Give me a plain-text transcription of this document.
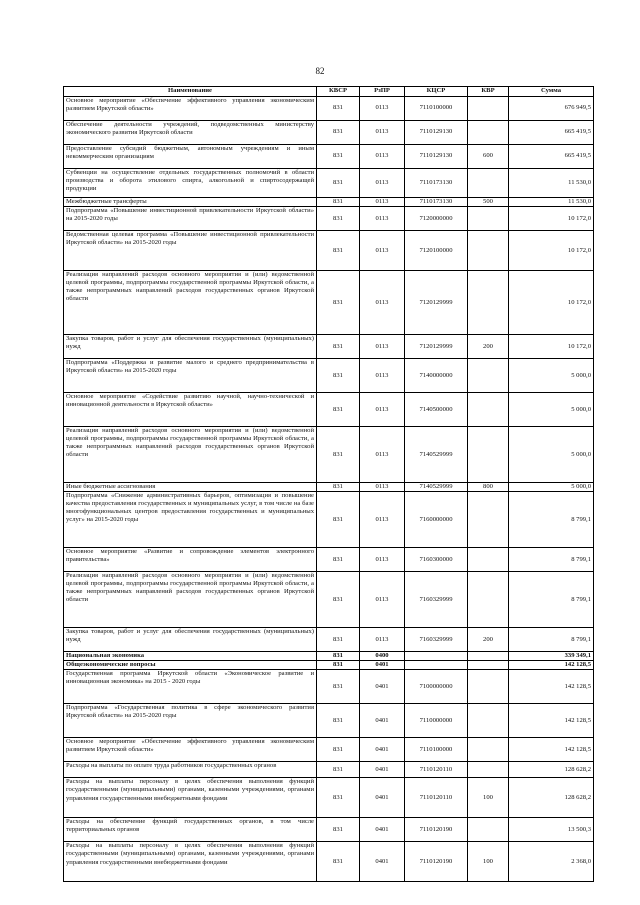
82
Наименование	КВСР	РзПР	КЦСР	КВР	Сумма
Основное мероприятие «Обеспечение эффективного управления экономическим развитием Иркутской области»	831	0113	7110100000		676 949,5
Обеспечение деятельности учреждений, подведомственных министерству экономического развития Иркутской области	831	0113	7110129130		665 419,5
Предоставление субсидий бюджетным, автономным учреждениям и иным некоммерческим организациям	831	0113	7110129130	600	665 419,5
Субвенции на осуществление отдельных государственных полномочий в области производства и оборота этилового спирта, алкогольной и спиртосодержащей продукции	831	0113	7110173130		11 530,0
Межбюджетные трансферты	831	0113	7110173130	500	11 530,0
Подпрограмма «Повышение инвестиционной привлекательности Иркутской области» на 2015-2020 годы	831	0113	7120000000		10 172,0
Ведомственная целевая программа «Повышение инвестиционной привлекательности Иркутской области» на 2015-2020 годы	831	0113	7120100000		10 172,0
Реализация направлений расходов основного мероприятия и (или) ведомственной целевой программы, подпрограммы государственной программы Иркутской области, а также непрограммных направлений расходов государственных органов Иркутской области	831	0113	7120129999		10 172,0
Закупка товаров, работ и услуг для обеспечения государственных (муниципальных) нужд	831	0113	7120129999	200	10 172,0
Подпрограмма «Поддержка и развитие малого и среднего предпринимательства в Иркутской области» на 2015-2020 годы	831	0113	7140000000		5 000,0
Основное мероприятие «Содействие развитию научной, научно-технической и инновационной деятельности в Иркутской области»	831	0113	7140500000		5 000,0
Реализация направлений расходов основного мероприятия и (или) ведомственной целевой программы, подпрограммы государственной программы Иркутской области, а также непрограммных направлений расходов государственных органов Иркутской области	831	0113	7140529999		5 000,0
Иные бюджетные ассигнования	831	0113	7140529999	800	5 000,0
Подпрограмма «Снижение административных барьеров, оптимизация и повышение качества предоставления государственных и муниципальных услуг, в том числе на базе многофункциональных центров предоставления государственных и муниципальных услуг» на 2015-2020 годы	831	0113	7160000000		8 799,1
Основное мероприятие «Развитие и сопровождение элементов электронного правительства»	831	0113	7160300000		8 799,1
Реализация направлений расходов основного мероприятия и (или) ведомственной целевой программы, подпрограммы государственной программы Иркутской области, а также непрограммных направлений расходов государственных органов Иркутской области	831	0113	7160329999		8 799,1
Закупка товаров, работ и услуг для обеспечения государственных (муниципальных) нужд	831	0113	7160329999	200	8 799,1
Национальная экономика	831	0400			339 349,1
Общеэкономические вопросы	831	0401			142 128,5
Государственная программа Иркутской области «Экономическое развитие и инновационная экономика» на 2015 - 2020 годы	831	0401	7100000000		142 128,5
Подпрограмма «Государственная политика в сфере экономического развития Иркутской области» на 2015-2020 годы	831	0401	7110000000		142 128,5
Основное мероприятие «Обеспечение эффективного управления экономическим развитием Иркутской области»	831	0401	7110100000		142 128,5
Расходы на выплаты по оплате труда работников государственных органов	831	0401	7110120110		128 628,2
Расходы на выплаты персоналу в целях обеспечения выполнения функций государственными (муниципальными) органами, казенными учреждениями, органами управления государственными внебюджетными фондами	831	0401	7110120110	100	128 628,2
Расходы на обеспечение функций государственных органов, в том числе территориальных органов	831	0401	7110120190		13 500,3
Расходы на выплаты персоналу в целях обеспечения выполнения функций государственными (муниципальными) органами, казенными учреждениями, органами управления государственными внебюджетными фондами	831	0401	7110120190	100	2 368,0
